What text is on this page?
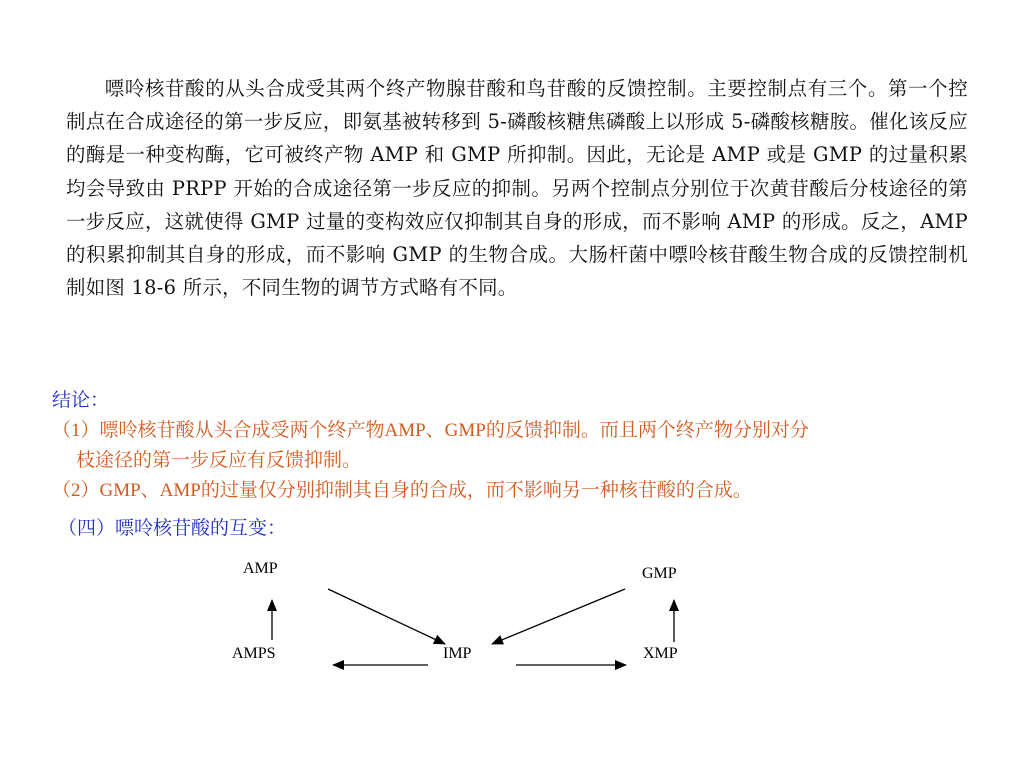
嘌呤核苷酸的从头合成受其两个终产物腺苷酸和鸟苷酸的反馈控制。主要控制点有三个。第一个控制点在合成途径的第一步反应，即氨基被转移到 5-磷酸核糖焦磷酸上以形成 5-磷酸核糖胺。催化该反应的酶是一种变构酶，它可被终产物 AMP 和 GMP 所抑制。因此，无论是 AMP 或是 GMP 的过量积累均会导致由 PRPP 开始的合成途径第一步反应的抑制。另两个控制点分别位于次黄苷酸后分枝途径的第一步反应，这就使得 GMP 过量的变构效应仅抑制其自身的形成，而不影响 AMP 的形成。反之，AMP 的积累抑制其自身的形成，而不影响 GMP 的生物合成。大肠杆菌中嘌呤核苷酸生物合成的反馈控制机制如图 18-6 所示，不同生物的调节方式略有不同。

结论：
（1）嘌呤核苷酸从头合成受两个终产物AMP、GMP的反馈抑制。而且两个终产物分别对分
枝途径的第一步反应有反馈抑制。
（2）GMP、AMP的过量仅分别抑制其自身的合成，而不影响另一种核苷酸的合成。
（四）嘌呤核苷酸的互变：
AMP	GMP
AMPS	IMP	XMP
